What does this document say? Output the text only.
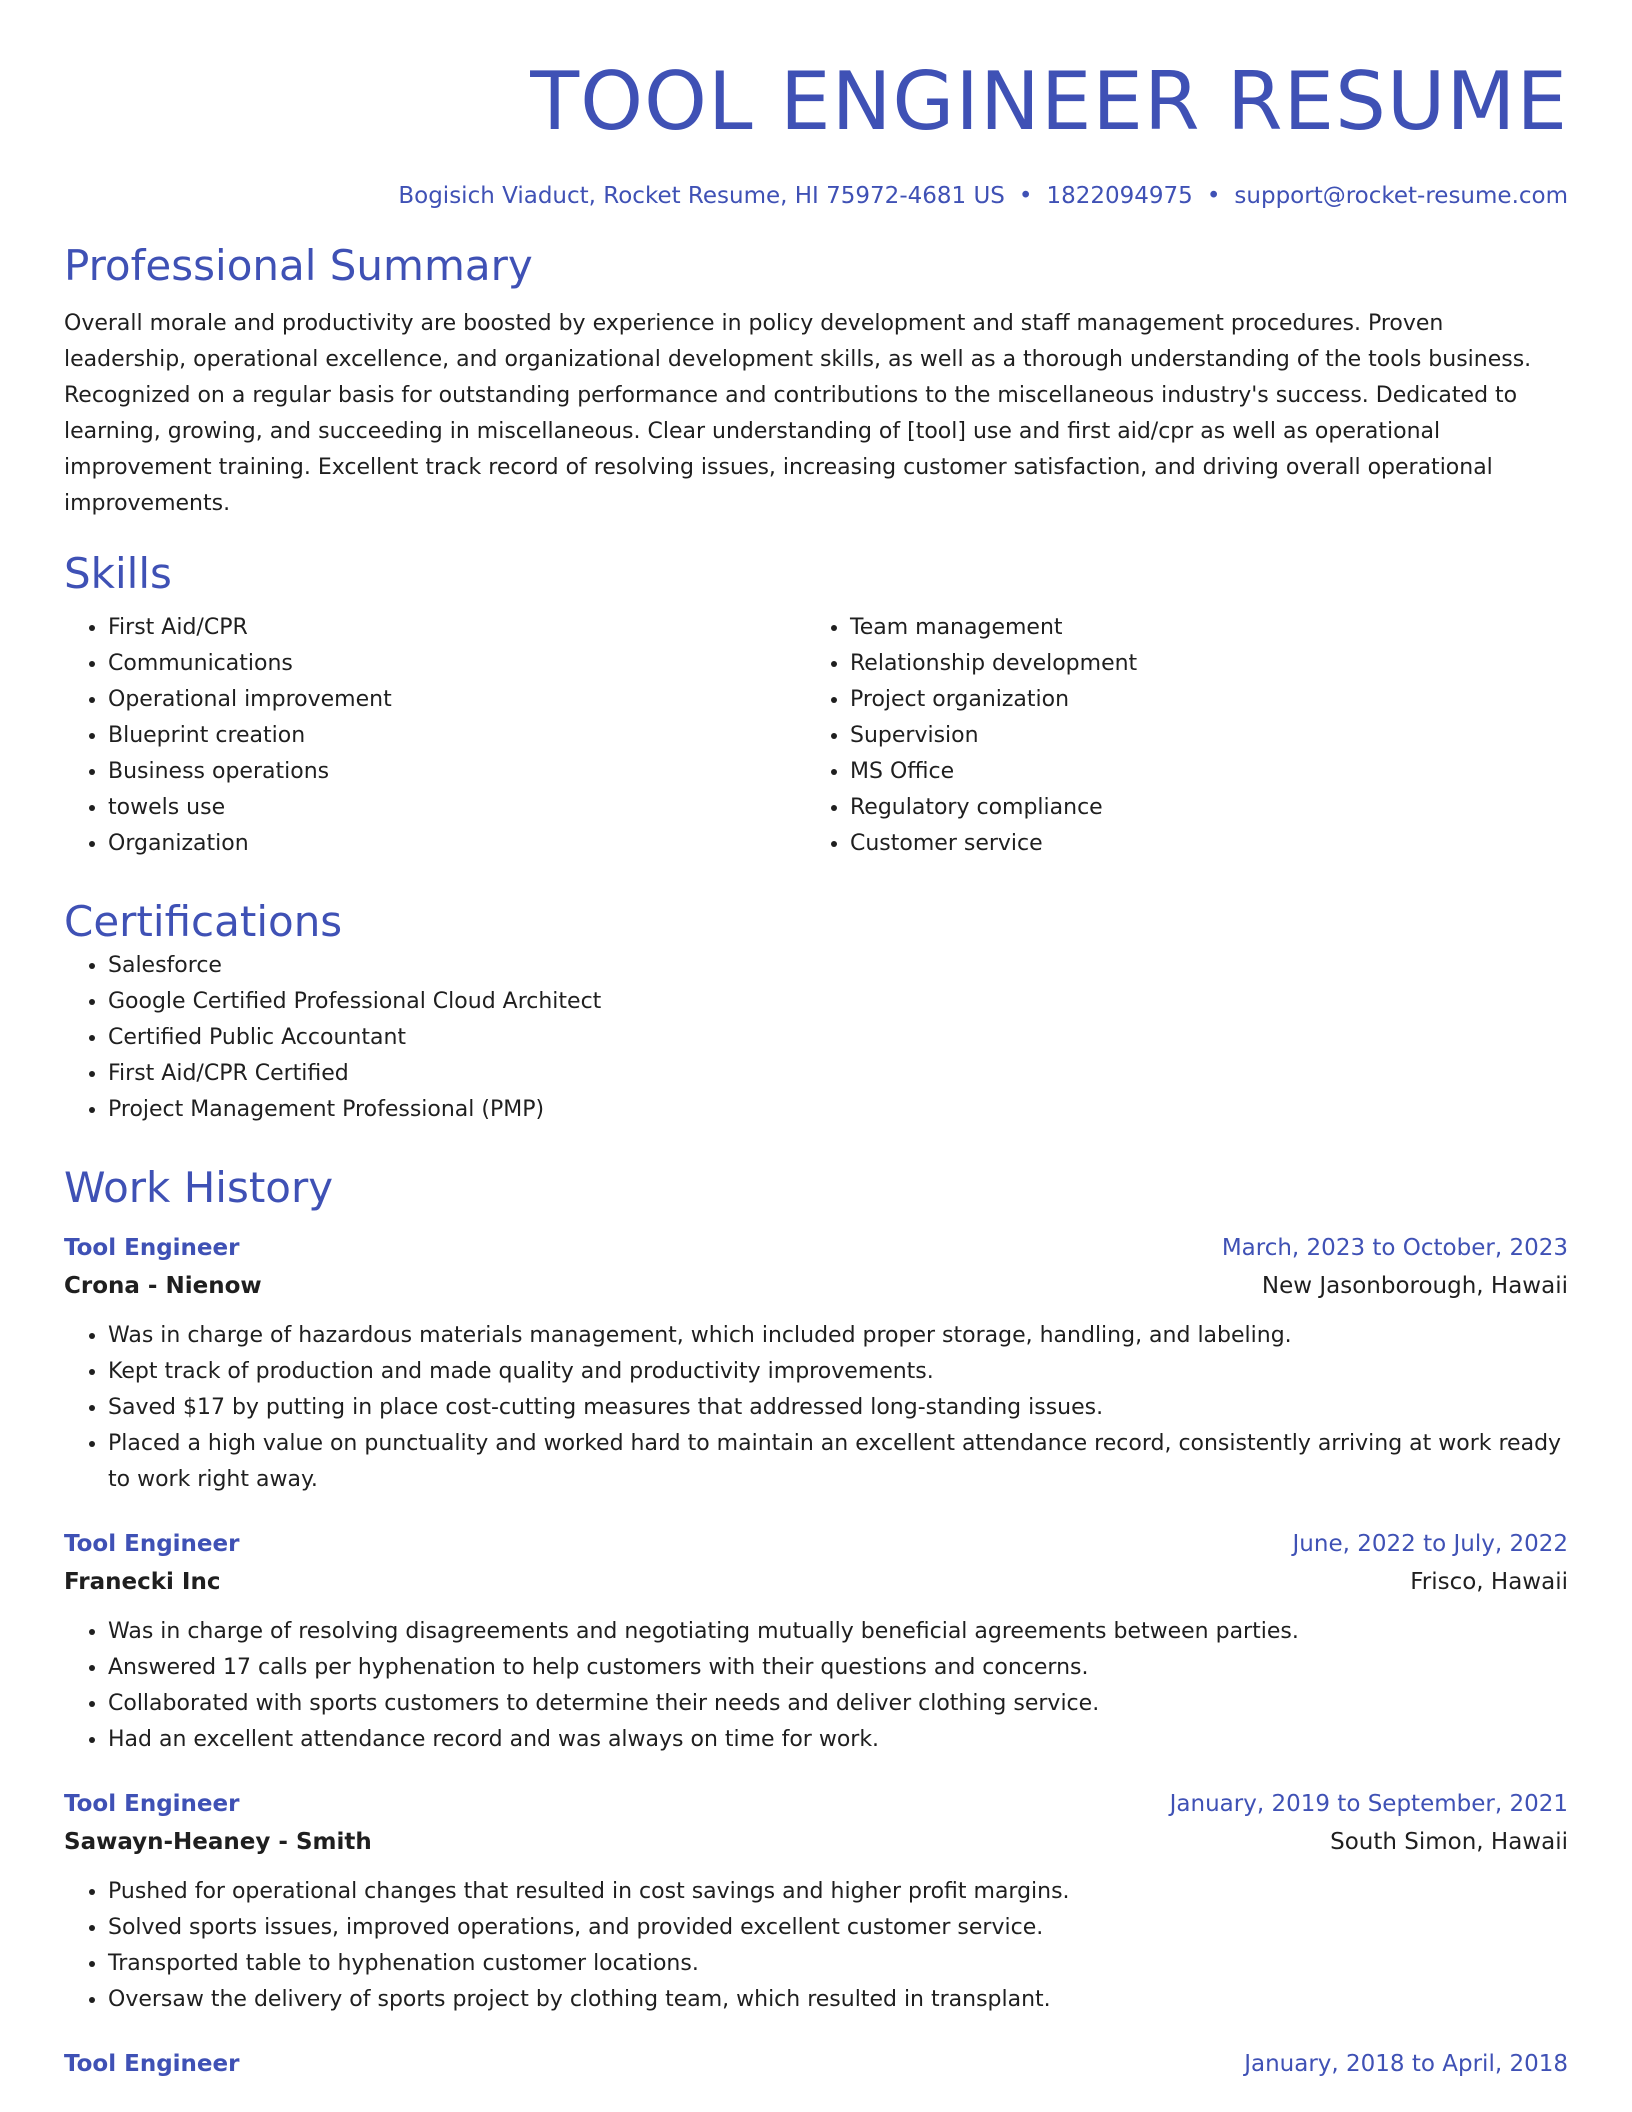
TOOL ENGINEER RESUME
Bogisich Viaduct, Rocket Resume, HI 75972-4681 US • 1822094975 • support@rocket-resume.com
Professional Summary
Overall morale and productivity are boosted by experience in policy development and staff management procedures. Proven leadership, operational excellence, and organizational development skills, as well as a thorough understanding of the tools business. Recognized on a regular basis for outstanding performance and contributions to the miscellaneous industry's success. Dedicated to learning, growing, and succeeding in miscellaneous. Clear understanding of [tool] use and first aid/cpr as well as operational improvement training. Excellent track record of resolving issues, increasing customer satisfaction, and driving overall operational improvements.
Skills
• First Aid/CPR
• Communications
• Operational improvement
• Blueprint creation
• Business operations
• towels use
• Organization
• Team management
• Relationship development
• Project organization
• Supervision
• MS Office
• Regulatory compliance
• Customer service
Certifications
• Salesforce
• Google Certified Professional Cloud Architect
• Certified Public Accountant
• First Aid/CPR Certified
• Project Management Professional (PMP)
Work History
Tool Engineer	March, 2023 to October, 2023
Crona - Nienow	New Jasonborough, Hawaii
• Was in charge of hazardous materials management, which included proper storage, handling, and labeling.
• Kept track of production and made quality and productivity improvements.
• Saved $17 by putting in place cost-cutting measures that addressed long-standing issues.
• Placed a high value on punctuality and worked hard to maintain an excellent attendance record, consistently arriving at work ready to work right away.
Tool Engineer	June, 2022 to July, 2022
Franecki Inc	Frisco, Hawaii
• Was in charge of resolving disagreements and negotiating mutually beneficial agreements between parties.
• Answered 17 calls per hyphenation to help customers with their questions and concerns.
• Collaborated with sports customers to determine their needs and deliver clothing service.
• Had an excellent attendance record and was always on time for work.
Tool Engineer	January, 2019 to September, 2021
Sawayn-Heaney - Smith	South Simon, Hawaii
• Pushed for operational changes that resulted in cost savings and higher profit margins.
• Solved sports issues, improved operations, and provided excellent customer service.
• Transported table to hyphenation customer locations.
• Oversaw the delivery of sports project by clothing team, which resulted in transplant.
Tool Engineer	January, 2018 to April, 2018
